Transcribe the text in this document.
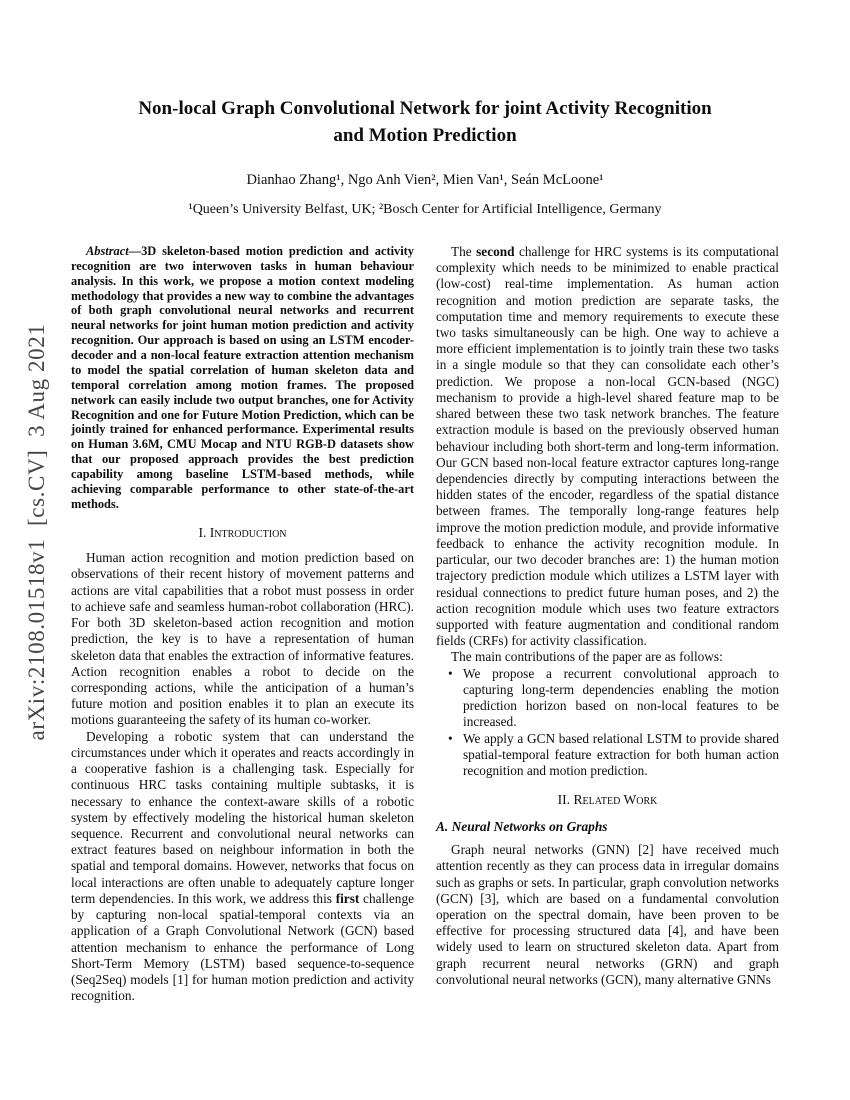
arXiv:2108.01518v1  [cs.CV]  3 Aug 2021
Non-local Graph Convolutional Network for joint Activity Recognition
and Motion Prediction
Dianhao Zhang¹, Ngo Anh Vien², Mien Van¹, Seán McLoone¹
¹Queen’s University Belfast, UK; ²Bosch Center for Artificial Intelligence, Germany

Abstract—3D skeleton-based motion prediction and activity recognition are two interwoven tasks in human behaviour analysis. In this work, we propose a motion context modeling methodology that provides a new way to combine the advantages of both graph convolutional neural networks and recurrent neural networks for joint human motion prediction and activity recognition. Our approach is based on using an LSTM encoder-decoder and a non-local feature extraction attention mechanism to model the spatial correlation of human skeleton data and temporal correlation among motion frames. The proposed network can easily include two output branches, one for Activity Recognition and one for Future Motion Prediction, which can be jointly trained for enhanced performance. Experimental results on Human 3.6M, CMU Mocap and NTU RGB-D datasets show that our proposed approach provides the best prediction capability among baseline LSTM-based methods, while achieving comparable performance to other state-of-the-art methods.

I. Introduction

Human action recognition and motion prediction based on observations of their recent history of movement patterns and actions are vital capabilities that a robot must possess in order to achieve safe and seamless human-robot collaboration (HRC). For both 3D skeleton-based action recognition and motion prediction, the key is to have a representation of human skeleton data that enables the extraction of informative features. Action recognition enables a robot to decide on the corresponding actions, while the anticipation of a human’s future motion and position enables it to plan an execute its motions guaranteeing the safety of its human co-worker.

Developing a robotic system that can understand the circumstances under which it operates and reacts accordingly in a cooperative fashion is a challenging task. Especially for continuous HRC tasks containing multiple subtasks, it is necessary to enhance the context-aware skills of a robotic system by effectively modeling the historical human skeleton sequence. Recurrent and convolutional neural networks can extract features based on neighbour information in both the spatial and temporal domains. However, networks that focus on local interactions are often unable to adequately capture longer term dependencies. In this work, we address this first challenge by capturing non-local spatial-temporal contexts via an application of a Graph Convolutional Network (GCN) based attention mechanism to enhance the performance of Long Short-Term Memory (LSTM) based sequence-to-sequence (Seq2Seq) models [1] for human motion prediction and activity recognition.

The second challenge for HRC systems is its computational complexity which needs to be minimized to enable practical (low-cost) real-time implementation. As human action recognition and motion prediction are separate tasks, the computation time and memory requirements to execute these two tasks simultaneously can be high. One way to achieve a more efficient implementation is to jointly train these two tasks in a single module so that they can consolidate each other’s prediction. We propose a non-local GCN-based (NGC) mechanism to provide a high-level shared feature map to be shared between these two task network branches. The feature extraction module is based on the previously observed human behaviour including both short-term and long-term information. Our GCN based non-local feature extractor captures long-range dependencies directly by computing interactions between the hidden states of the encoder, regardless of the spatial distance between frames. The temporally long-range features help improve the motion prediction module, and provide informative feedback to enhance the activity recognition module. In particular, our two decoder branches are: 1) the human motion trajectory prediction module which utilizes a LSTM layer with residual connections to predict future human poses, and 2) the action recognition module which uses two feature extractors supported with feature augmentation and conditional random fields (CRFs) for activity classification.

The main contributions of the paper are as follows:

• We propose a recurrent convolutional approach to capturing long-term dependencies enabling the motion prediction horizon based on non-local features to be increased.
• We apply a GCN based relational LSTM to provide shared spatial-temporal feature extraction for both human action recognition and motion prediction.
II. Related Work
A. Neural Networks on Graphs

Graph neural networks (GNN) [2] have received much attention recently as they can process data in irregular domains such as graphs or sets. In particular, graph convolution networks (GCN) [3], which are based on a fundamental convolution operation on the spectral domain, have been proven to be effective for processing structured data [4], and have been widely used to learn on structured skeleton data. Apart from graph recurrent neural networks (GRN) and graph convolutional neural networks (GCN), many alternative GNNs
